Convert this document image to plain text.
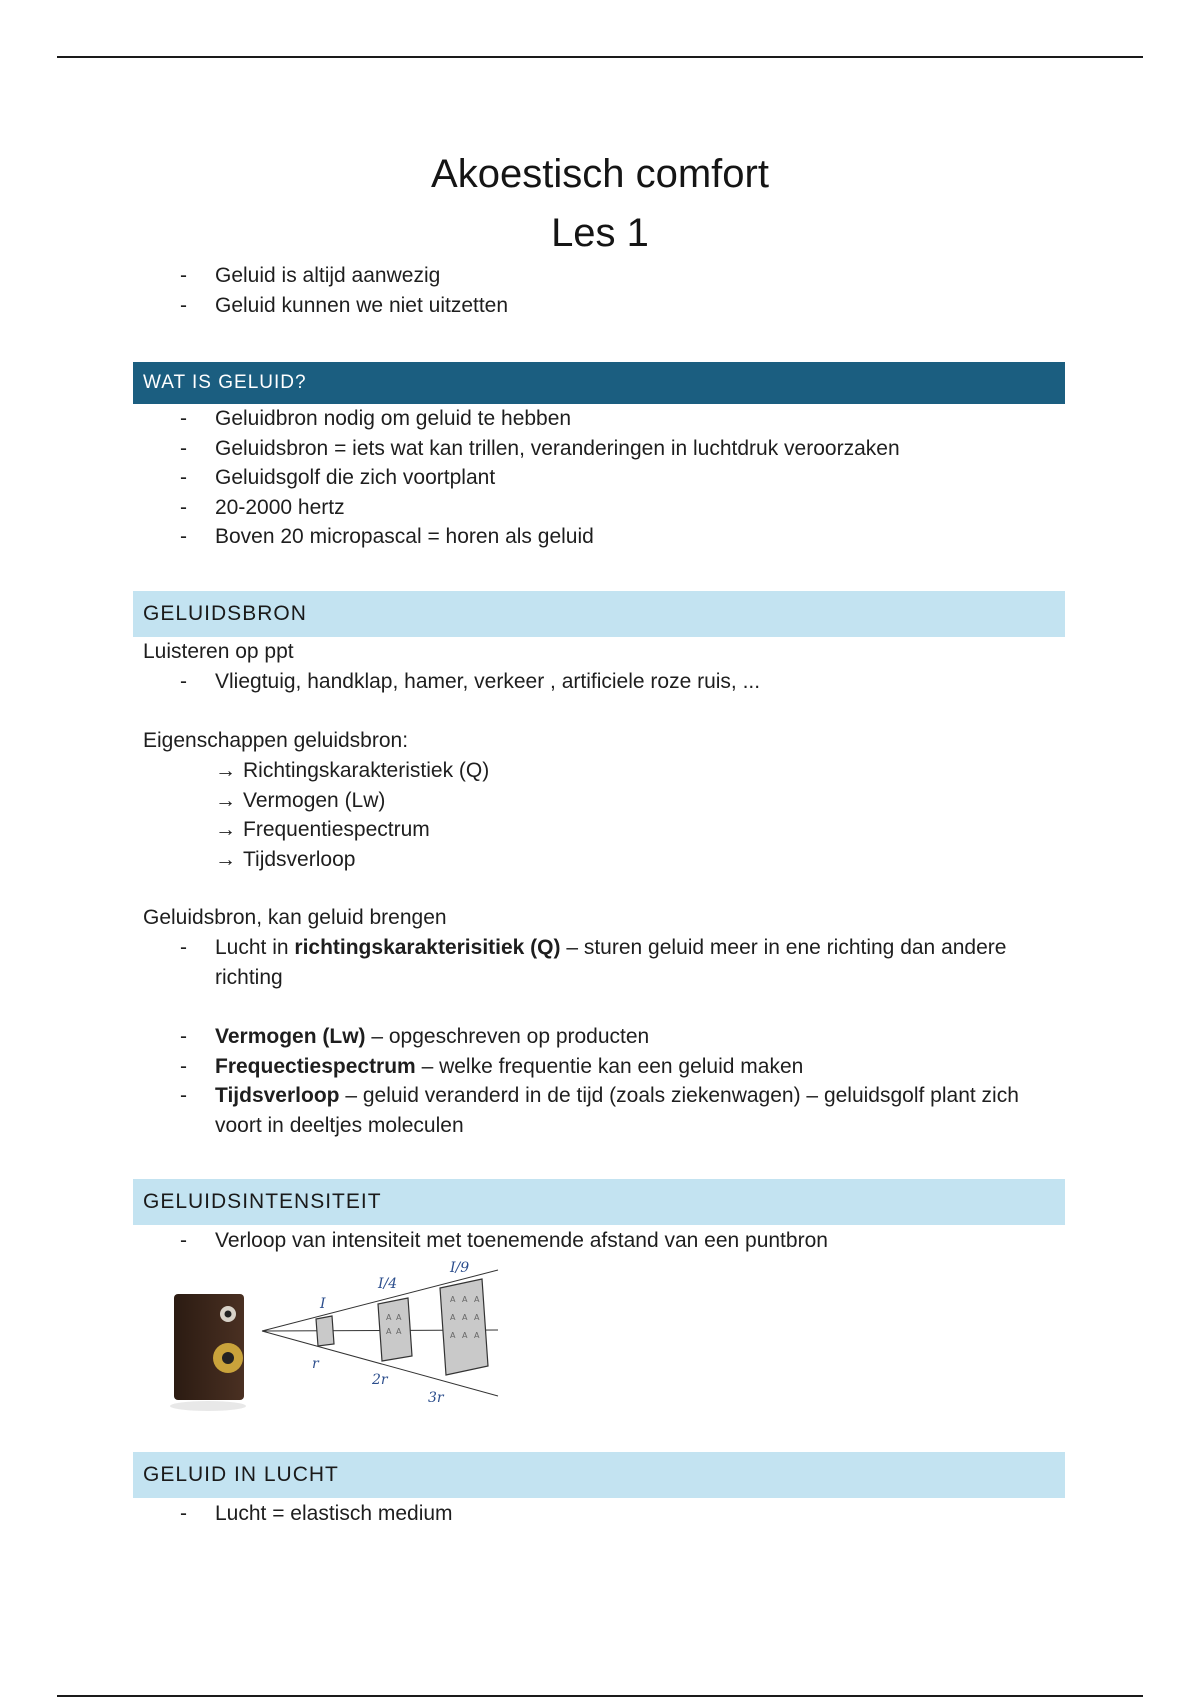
Akoestisch comfort
Les 1
- Geluid is altijd aanwezig
- Geluid kunnen we niet uitzetten
WAT IS GELUID?
- Geluidbron nodig om geluid te hebben
- Geluidsbron = iets wat kan trillen, veranderingen in luchtdruk veroorzaken
- Geluidsgolf die zich voortplant
- 20-2000 hertz
- Boven 20 micropascal = horen als geluid
GELUIDSBRON
Luisteren op ppt
- Vliegtuig, handklap, hamer, verkeer , artificiele roze ruis, ...
Eigenschappen geluidsbron:
→ Richtingskarakteristiek (Q)
→ Vermogen (Lw)
→ Frequentiespectrum
→ Tijdsverloop
Geluidsbron, kan geluid brengen
- Lucht in richtingskarakterisitiek (Q) – sturen geluid meer in ene richting dan andere richting
- Vermogen (Lw) – opgeschreven op producten
- Frequectiespectrum – welke frequentie kan een geluid maken
- Tijdsverloop – geluid veranderd in de tijd (zoals ziekenwagen) – geluidsgolf plant zich voort in deeltjes moleculen
GELUIDSINTENSITEIT
- Verloop van intensiteit met toenemende afstand van een puntbron
A A
A A
A A A
A A A
A A A
I
I/4
I/9
r
2r
3r
GELUID IN LUCHT
- Lucht = elastisch medium
